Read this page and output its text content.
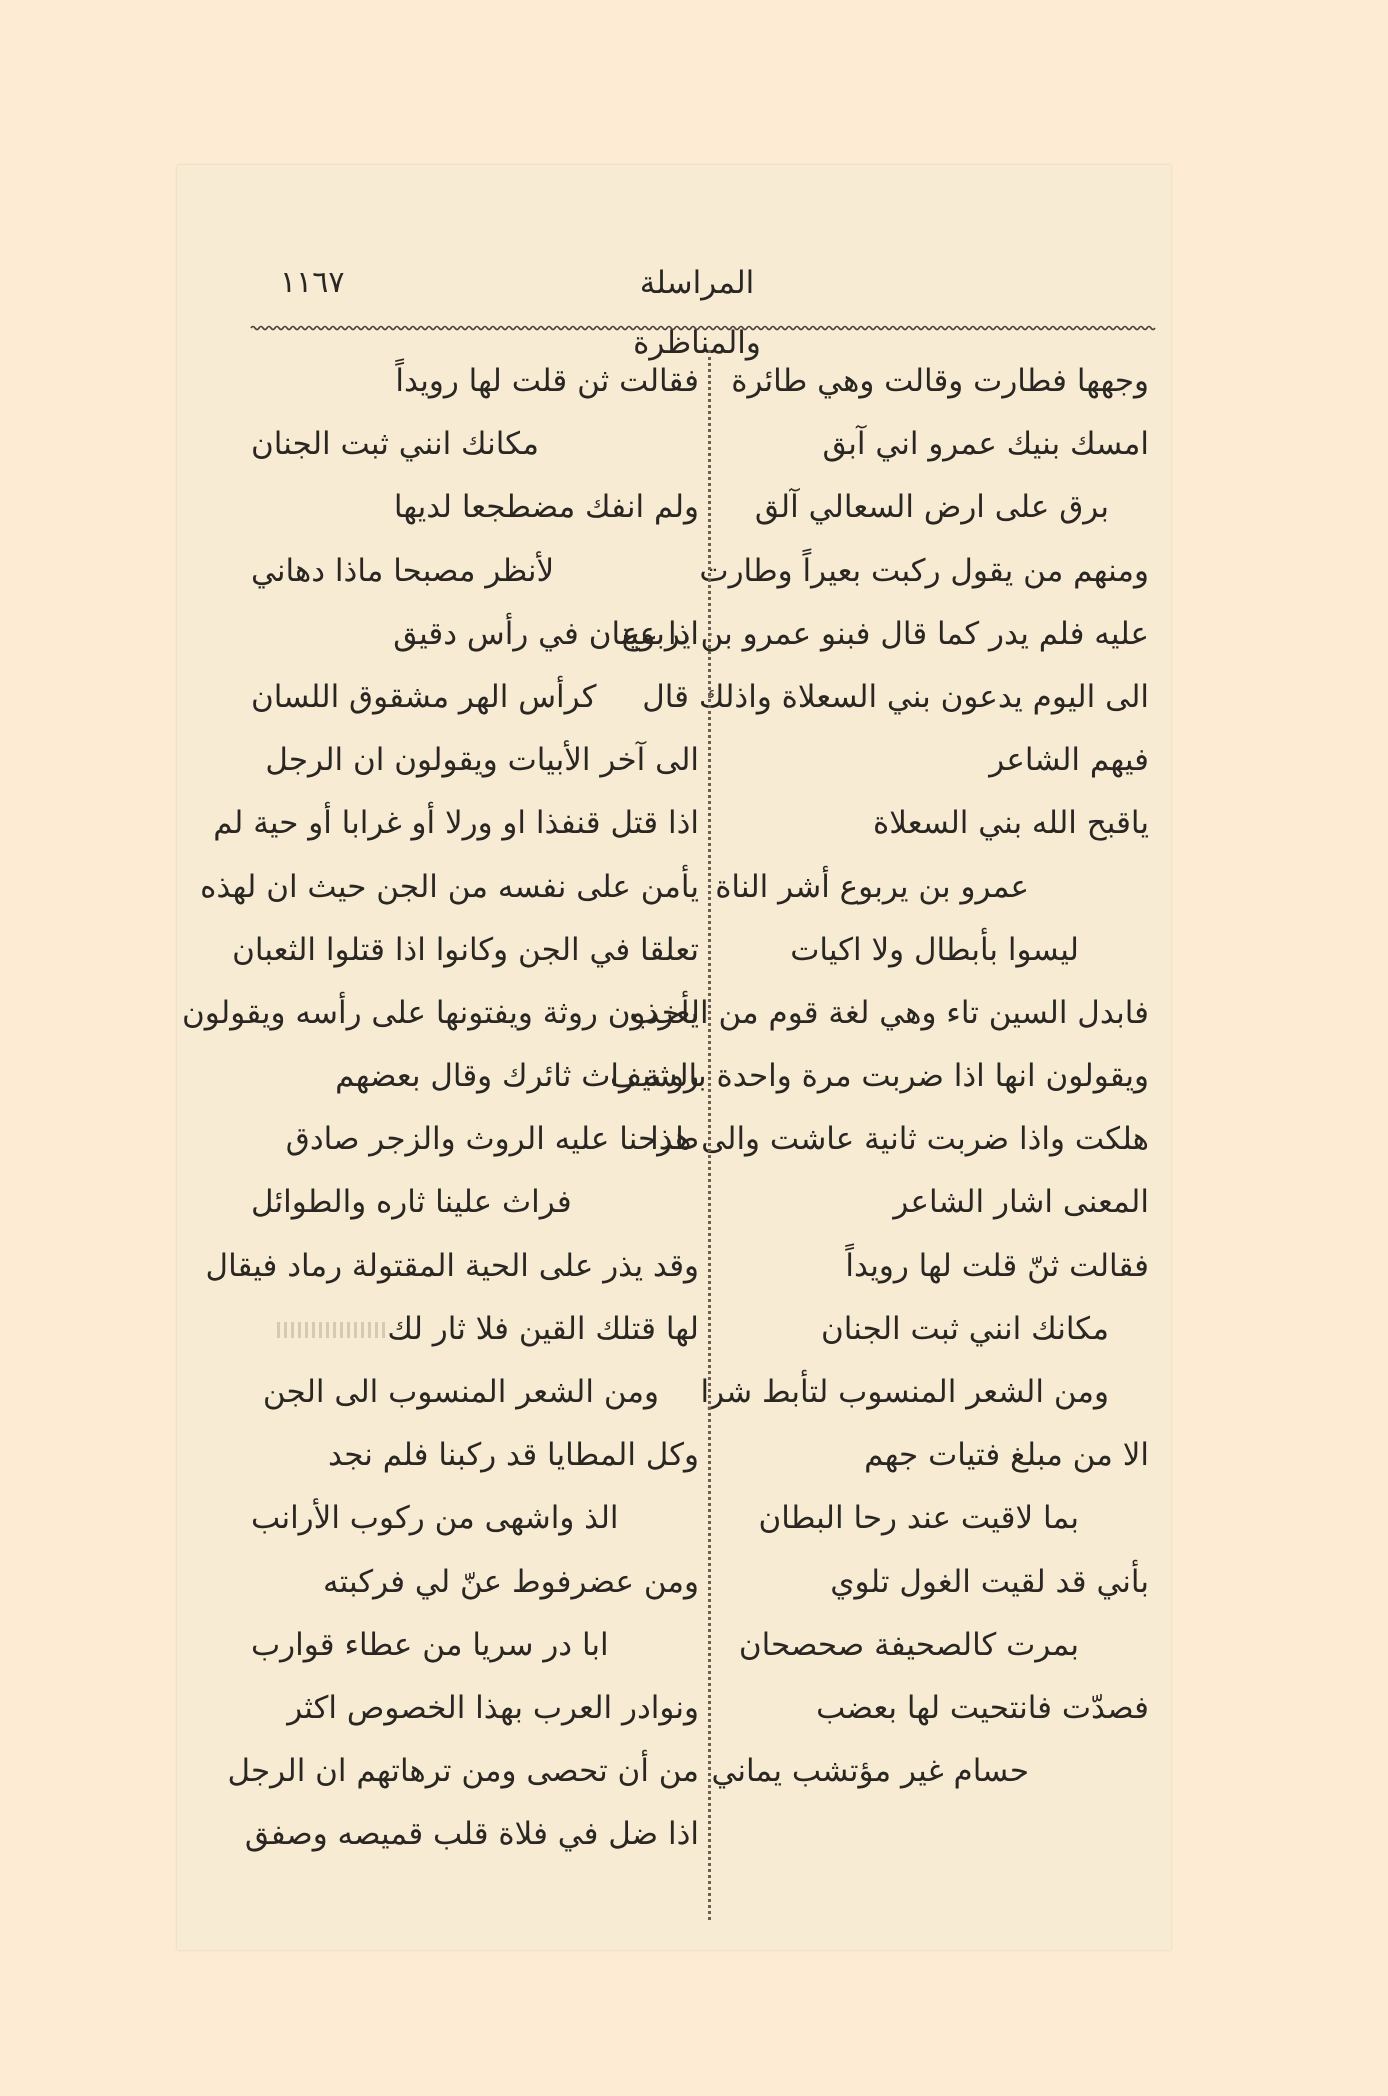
المراسلة والمناظرة
١١٦٧
وجهها فطارت وقالت وهي طائرة
امسك بنيك عمرو اني آبق
برق على ارض السعالي آلق
ومنهم من يقول ركبت بعيراً وطارت
عليه فلم يدر كما قال فبنو عمرو بن يربوع
الى اليوم يدعون بني السعلاة واذلك قال
فيهم الشاعر
ياقبح الله بني السعلاة
عمرو بن يربوع أشر الناة
ليسوا بأبطال ولا اكيات
فابدل السين تاء وهي لغة قوم من العرب
ويقولون انها اذا ضربت مرة واحدة بالسيف
هلكت واذا ضربت ثانية عاشت والى هذا
المعنى اشار الشاعر
فقالت ثنّ قلت لها رويداً
مكانك انني ثبت الجنان
ومن الشعر المنسوب لتأبط شرا
الا من مبلغ فتيات جهم
بما لاقيت عند رحا البطان
بأني قد لقيت الغول تلوي
بمرت كالصحيفة صحصحان
فصدّت فانتحيت لها بعضب
حسام غير مؤتشب يماني
فقالت ثن قلت لها رويداً
مكانك انني ثبت الجنان
ولم انفك مضطجعا لديها
لأنظر مصبحا ماذا دهاني
اذا عينان في رأس دقيق
كرأس الهر مشقوق اللسان
الى آخر الأبيات ويقولون ان الرجل
اذا قتل قنفذا او ورلا أو غرابا أو حية لم
يأمن على نفسه من الجن حيث ان لهذه
تعلقا في الجن وكانوا اذا قتلوا الثعبان
يأخذون روثة ويفتونها على رأسه ويقولون
روثة راث ثائرك وقال بعضهم
طرحنا عليه الروث والزجر صادق
فراث علينا ثاره والطوائل
وقد يذر على الحية المقتولة رماد فيقال
لها قتلك القين فلا ثار لك
ومن الشعر المنسوب الى الجن
وكل المطايا قد ركبنا فلم نجد
الذ واشهى من ركوب الأرانب
ومن عضرفوط عنّ لي فركبته
ابا در سريا من عطاء قوارب
ونوادر العرب بهذا الخصوص اكثر
من أن تحصى ومن ترهاتهم ان الرجل
اذا ضل في فلاة قلب قميصه وصفق
